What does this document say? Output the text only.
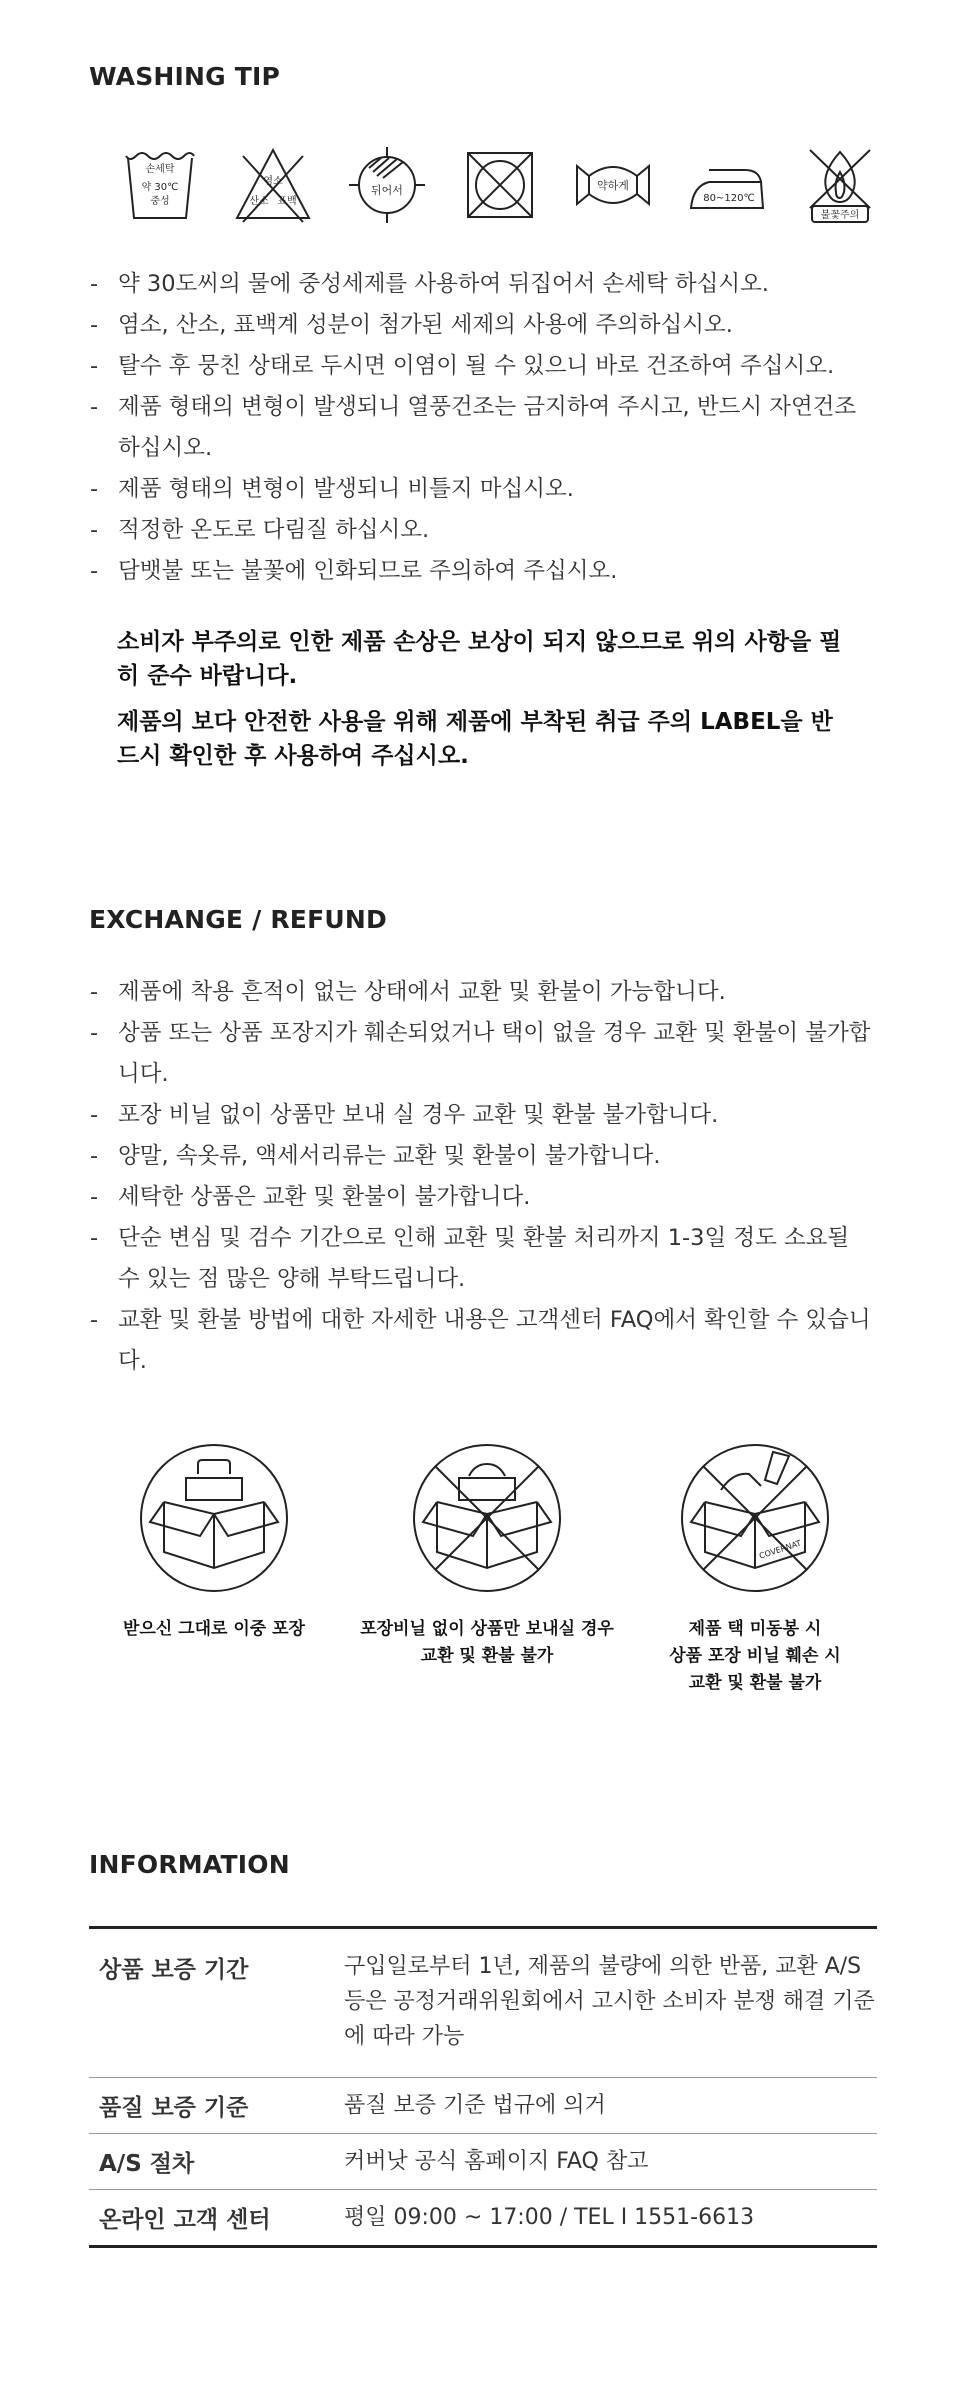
WASHING TIP
손세탁
약 30℃
중성
염소
산소 표백
뒤어서	약하게
80~120℃
불꽃주의
- 약 30도씨의 물에 중성세제를 사용하여 뒤집어서 손세탁 하십시오.
- 염소, 산소, 표백계 성분이 첨가된 세제의 사용에 주의하십시오.
- 탈수 후 뭉친 상태로 두시면 이염이 될 수 있으니 바로 건조하여 주십시오.
- 제품 형태의 변형이 발생되니 열풍건조는 금지하여 주시고, 반드시 자연건조 하십시오.
- 제품 형태의 변형이 발생되니 비틀지 마십시오.
- 적정한 온도로 다림질 하십시오.
- 담뱃불 또는 불꽃에 인화되므로 주의하여 주십시오.

소비자 부주의로 인한 제품 손상은 보상이 되지 않으므로 위의 사항을 필히 준수 바랍니다.

제품의 보다 안전한 사용을 위해 제품에 부착된 취급 주의 LABEL을 반드시 확인한 후 사용하여 주십시오.

EXCHANGE / REFUND
- 제품에 착용 흔적이 없는 상태에서 교환 및 환불이 가능합니다.
- 상품 또는 상품 포장지가 훼손되었거나 택이 없을 경우 교환 및 환불이 불가합니다.
- 포장 비닐 없이 상품만 보내 실 경우 교환 및 환불 불가합니다.
- 양말, 속옷류, 액세서리류는 교환 및 환불이 불가합니다.
- 세탁한 상품은 교환 및 환불이 불가합니다.
- 단순 변심 및 검수 기간으로 인해 교환 및 환불 처리까지 1-3일 정도 소요될 수 있는 점 많은 양해 부탁드립니다.
- 교환 및 환불 방법에 대한 자세한 내용은 고객센터 FAQ에서 확인할 수 있습니다.
받으신 그대로 이중 포장	포장비닐 없이 상품만 보내실 경우
교환 및 환불 불가
COVERNAT
제품 택 미동봉 시
상품 포장 비닐 훼손 시
교환 및 환불 불가
INFORMATION
상품 보증 기간	구입일로부터 1년, 제품의 불량에 의한 반품, 교환 A/S 등은 공정거래위원회에서 고시한 소비자 분쟁 해결 기준에 따라 가능
품질 보증 기준	품질 보증 기준 법규에 의거
A/S 절차	커버낫 공식 홈페이지 FAQ 참고
온라인 고객 센터	평일 09:00 ~ 17:00 / TEL I 1551-6613
